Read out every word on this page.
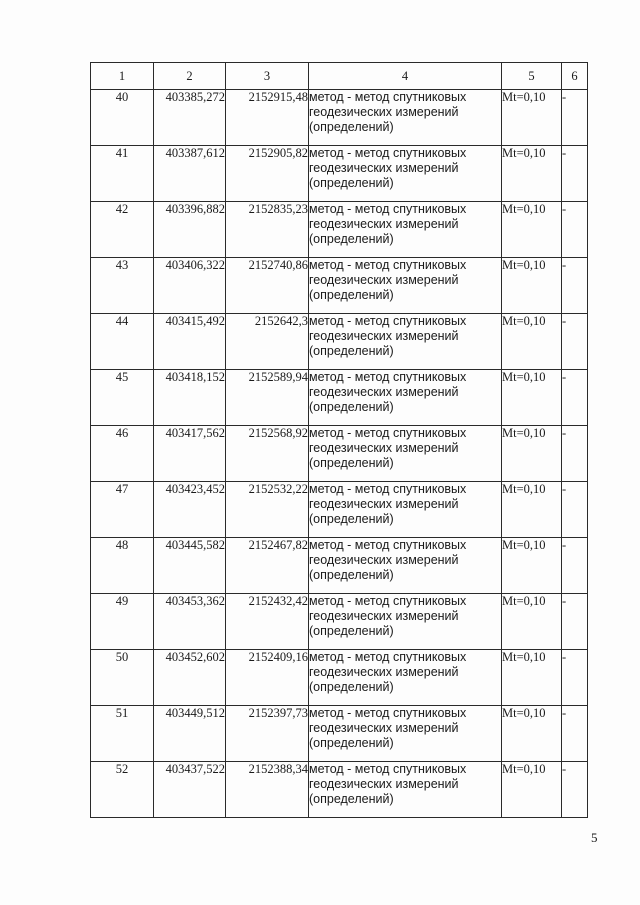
1	2	3	4	5	6
40	403385,272	2152915,48	метод - метод спутниковых геодезических измерений (определений)	Mt=0,10	-
41	403387,612	2152905,82	метод - метод спутниковых геодезических измерений (определений)	Mt=0,10	-
42	403396,882	2152835,23	метод - метод спутниковых геодезических измерений (определений)	Mt=0,10	-
43	403406,322	2152740,86	метод - метод спутниковых геодезических измерений (определений)	Mt=0,10	-
44	403415,492	2152642,3	метод - метод спутниковых геодезических измерений (определений)	Mt=0,10	-
45	403418,152	2152589,94	метод - метод спутниковых геодезических измерений (определений)	Mt=0,10	-
46	403417,562	2152568,92	метод - метод спутниковых геодезических измерений (определений)	Mt=0,10	-
47	403423,452	2152532,22	метод - метод спутниковых геодезических измерений (определений)	Mt=0,10	-
48	403445,582	2152467,82	метод - метод спутниковых геодезических измерений (определений)	Mt=0,10	-
49	403453,362	2152432,42	метод - метод спутниковых геодезических измерений (определений)	Mt=0,10	-
50	403452,602	2152409,16	метод - метод спутниковых геодезических измерений (определений)	Mt=0,10	-
51	403449,512	2152397,73	метод - метод спутниковых геодезических измерений (определений)	Mt=0,10	-
52	403437,522	2152388,34	метод - метод спутниковых геодезических измерений (определений)	Mt=0,10	-
5
